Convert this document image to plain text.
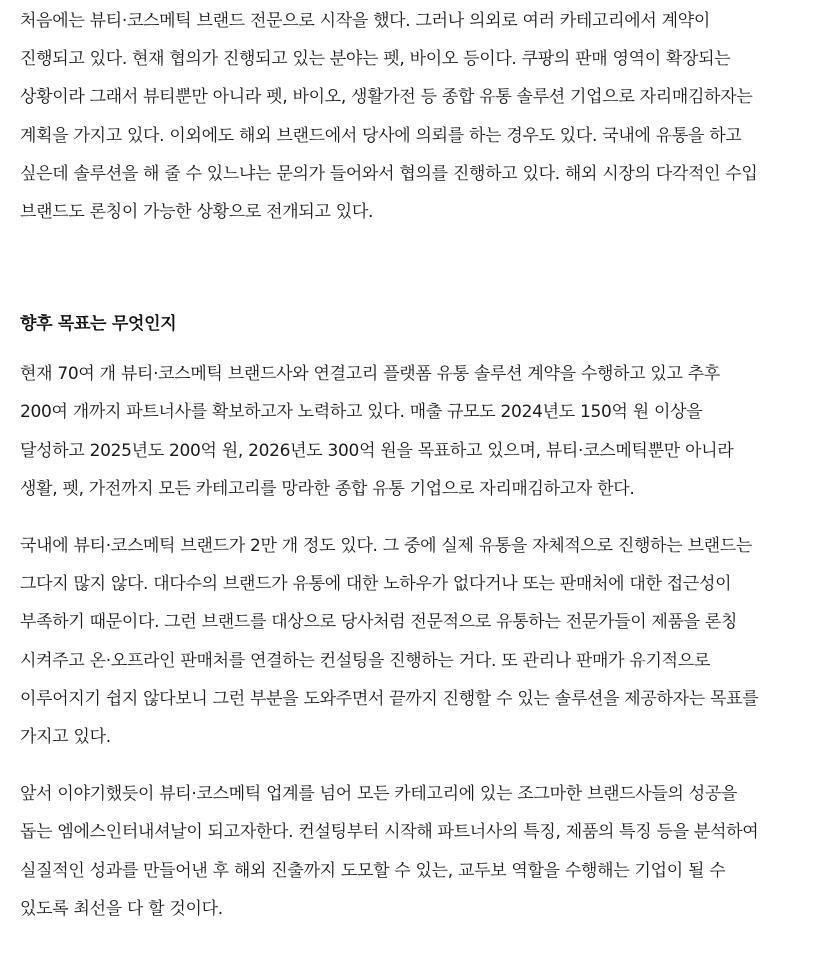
처음에는 뷰티·코스메틱 브랜드 전문으로 시작을 했다. 그러나 의외로 여러 카테고리에서 계약이 진행되고 있다. 현재 협의가 진행되고 있는 분야는 펫, 바이오 등이다. 쿠팡의 판매 영역이 확장되는 상황이라 그래서 뷰티뿐만 아니라 펫, 바이오, 생활가전 등 종합 유통 솔루션 기업으로 자리매김하자는 계획을 가지고 있다. 이외에도 해외 브랜드에서 당사에 의뢰를 하는 경우도 있다. 국내에 유통을 하고 싶은데 솔루션을 해 줄 수 있느냐는 문의가 들어와서 협의를 진행하고 있다. 해외 시장의 다각적인 수입 브랜드도 론칭이 가능한 상황으로 전개되고 있다.

향후 목표는 무엇인지

현재 70여 개 뷰티·코스메틱 브랜드사와 연결고리 플랫폼 유통 솔루션 계약을 수행하고 있고 추후 200여 개까지 파트너사를 확보하고자 노력하고 있다. 매출 규모도 2024년도 150억 원 이상을 달성하고 2025년도 200억 원, 2026년도 300억 원을 목표하고 있으며, 뷰티·코스메틱뿐만 아니라 생활, 펫, 가전까지 모든 카테고리를 망라한 종합 유통 기업으로 자리매김하고자 한다.

국내에 뷰티·코스메틱 브랜드가 2만 개 정도 있다. 그 중에 실제 유통을 자체적으로 진행하는 브랜드는 그다지 많지 않다. 대다수의 브랜드가 유통에 대한 노하우가 없다거나 또는 판매처에 대한 접근성이 부족하기 때문이다. 그런 브랜드를 대상으로 당사처럼 전문적으로 유통하는 전문가들이 제품을 론칭 시켜주고 온·오프라인 판매처를 연결하는 컨설팅을 진행하는 거다. 또 관리나 판매가 유기적으로 이루어지기 쉽지 않다보니 그런 부분을 도와주면서 끝까지 진행할 수 있는 솔루션을 제공하자는 목표를 가지고 있다.

앞서 이야기했듯이 뷰티·코스메틱 업계를 넘어 모든 카테고리에 있는 조그마한 브랜드사들의 성공을 돕는 엠에스인터내셔날이 되고자한다. 컨설팅부터 시작해 파트너사의 특징, 제품의 특징 등을 분석하여 실질적인 성과를 만들어낸 후 해외 진출까지 도모할 수 있는, 교두보 역할을 수행해는 기업이 될 수 있도록 최선을 다 할 것이다.
